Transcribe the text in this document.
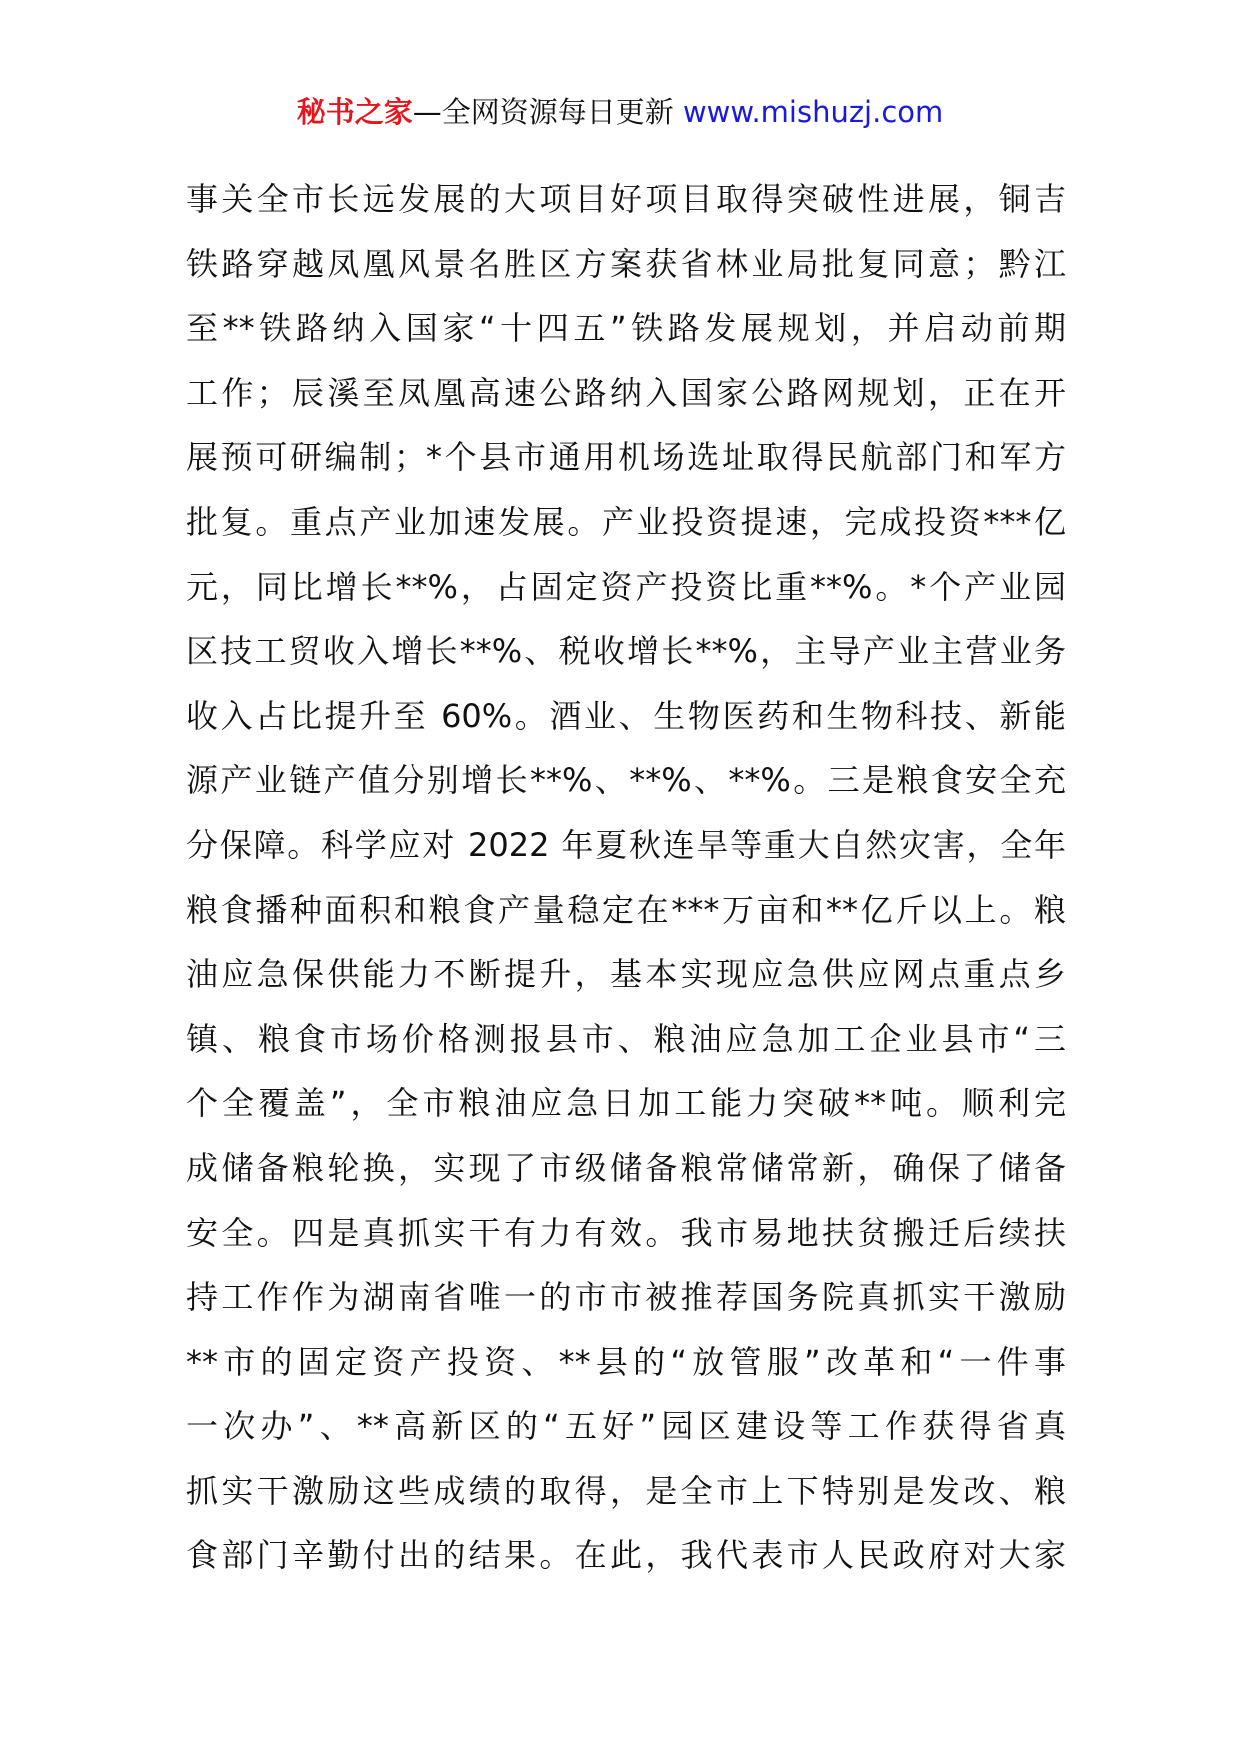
秘书之家—全网资源每日更新 www.mishuzj.com
事关全市长远发展的大项目好项目取得突破性进展，铜吉
铁路穿越凤凰风景名胜区方案获省林业局批复同意；黔江
至**铁路纳入国家“十四五”铁路发展规划，并启动前期
工作；辰溪至凤凰高速公路纳入国家公路网规划，正在开
展预可研编制；*个县市通用机场选址取得民航部门和军方
批复。重点产业加速发展。产业投资提速，完成投资***亿
元，同比增长**%，占固定资产投资比重**%。*个产业园
区技工贸收入增长**%、税收增长**%，主导产业主营业务
收入占比提升至 60%。酒业、生物医药和生物科技、新能
源产业链产值分别增长**%、**%、**%。三是粮食安全充
分保障。科学应对 2022 年夏秋连旱等重大自然灾害，全年
粮食播种面积和粮食产量稳定在***万亩和**亿斤以上。粮
油应急保供能力不断提升，基本实现应急供应网点重点乡
镇、粮食市场价格测报县市、粮油应急加工企业县市“三
个全覆盖”，全市粮油应急日加工能力突破**吨。顺利完
成储备粮轮换，实现了市级储备粮常储常新，确保了储备
安全。四是真抓实干有力有效。我市易地扶贫搬迁后续扶
持工作作为湖南省唯一的市市被推荐国务院真抓实干激励
**市的固定资产投资、**县的“放管服”改革和“一件事
一次办”、**高新区的“五好”园区建设等工作获得省真
抓实干激励这些成绩的取得，是全市上下特别是发改、粮
食部门辛勤付出的结果。在此，我代表市人民政府对大家
